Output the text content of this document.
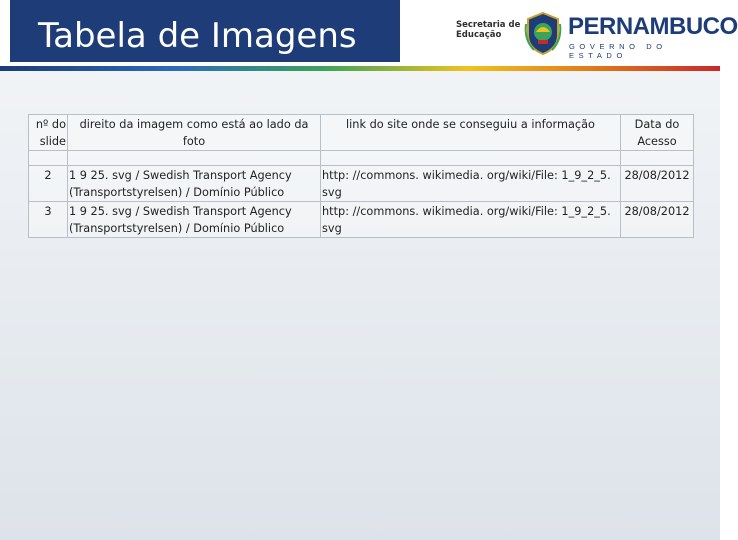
Tabela de Imagens	Secretaria de
Educação	PERNAMBUCO
GOVERNO DO ESTADO
nº do slide	direito da imagem como está ao lado da foto	link do site onde se conseguiu a informação	Data do Acesso

2	1 9 25. svg / Swedish Transport Agency (Transportstyrelsen) / Domínio Público	http: //commons. wikimedia. org/wiki/File: 1_9_2_5. svg	28/08/2012
3	1 9 25. svg / Swedish Transport Agency (Transportstyrelsen) / Domínio Público	http: //commons. wikimedia. org/wiki/File: 1_9_2_5. svg	28/08/2012
